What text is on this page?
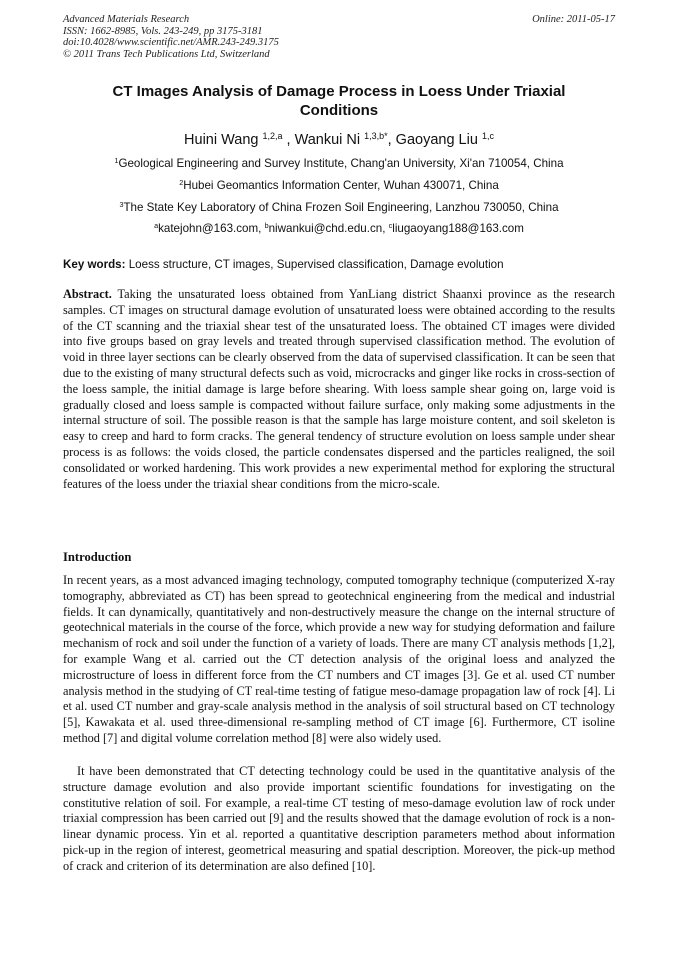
Advanced Materials Research
ISSN: 1662-8985, Vols. 243-249, pp 3175-3181
doi:10.4028/www.scientific.net/AMR.243-249.3175
© 2011 Trans Tech Publications Ltd, Switzerland
Online: 2011-05-17
CT Images Analysis of Damage Process in Loess Under Triaxial
Conditions
Huini Wang $^{1,2,a}$ , Wankui Ni $^{1,3,b*}$, Gaoyang Liu $^{1,c}$
$^1$Geological Engineering and Survey Institute, Chang'an University, Xi'an 710054, China
$^2$Hubei Geomantics Information Center, Wuhan 430071, China
$^3$The State Key Laboratory of China Frozen Soil Engineering, Lanzhou 730050, China
$^a$katejohn@163.com, $^b$niwankui@chd.edu.cn, $^c$liugaoyang188@163.com
Key words: Loess structure, CT images, Supervised classification, Damage evolution
Abstract. Taking the unsaturated loess obtained from YanLiang district Shaanxi province as the research samples. CT images on structural damage evolution of unsaturated loess were obtained according to the results of the CT scanning and the triaxial shear test of the unsaturated loess. The obtained CT images were divided into five groups based on gray levels and treated through supervised classification method. The evolution of void in three layer sections can be clearly observed from the data of supervised classification. It can be seen that due to the existing of many structural defects such as void, microcracks and ginger like rocks in cross-section of the loess sample, the initial damage is large before shearing. With loess sample shear going on, large void is gradually closed and loess sample is compacted without failure surface, only making some adjustments in the internal structure of soil. The possible reason is that the sample has large moisture content, and soil skeleton is easy to creep and hard to form cracks. The general tendency of structure evolution on loess sample under shear process is as follows: the voids closed, the particle condensates dispersed and the particles realigned, the soil consolidated or worked hardening. This work provides a new experimental method for exploring the structural features of the loess under the triaxial shear conditions from the micro-scale.
Introduction
In recent years, as a most advanced imaging technology, computed tomography technique (computerized X-ray tomography, abbreviated as CT) has been spread to geotechnical engineering from the medical and industrial fields. It can dynamically, quantitatively and non-destructively measure the change on the internal structure of geotechnical materials in the course of the force, which provide a new way for studying deformation and failure mechanism of rock and soil under the function of a variety of loads. There are many CT analysis methods [1,2], for example Wang et al. carried out the CT detection analysis of the original loess and analyzed the microstructure of loess in different force from the CT numbers and CT images [3]. Ge et al. used CT number analysis method in the studying of CT real-time testing of fatigue meso-damage propagation law of rock [4]. Li et al. used CT number and gray-scale analysis method in the analysis of soil structural based on CT technology [5], Kawakata et al. used three-dimensional re-sampling method of CT image [6]. Furthermore, CT isoline method [7] and digital volume correlation method [8] were also widely used.
It have been demonstrated that CT detecting technology could be used in the quantitative analysis of the structure damage evolution and also provide important scientific foundations for investigating on the constitutive relation of soil. For example, a real-time CT testing of meso-damage evolution law of rock under triaxial compression has been carried out [9] and the results showed that the damage evolution of rock is a non-linear dynamic process. Yin et al. reported a quantitative description parameters method about information pick-up in the region of interest, geometrical measuring and spatial description. Moreover, the pick-up method of crack and criterion of its determination are also defined [10].
